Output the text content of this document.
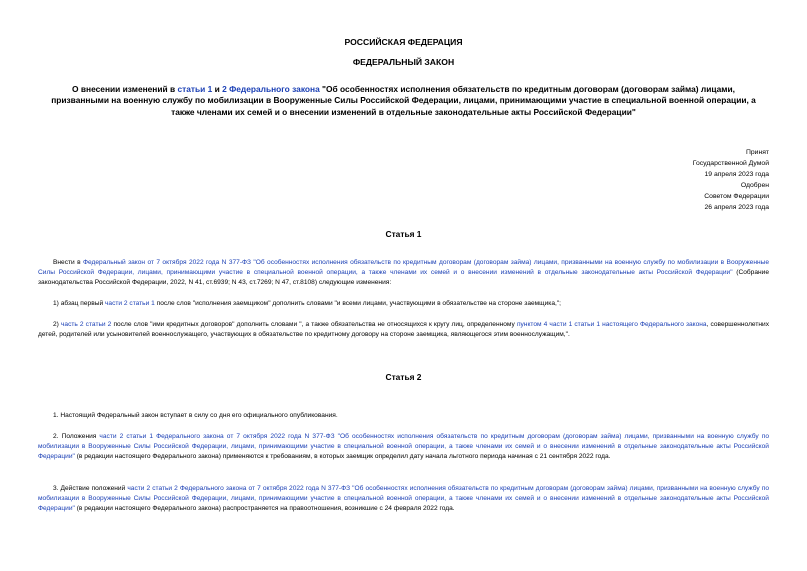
РОССИЙСКАЯ ФЕДЕРАЦИЯ
ФЕДЕРАЛЬНЫЙ ЗАКОН
О внесении изменений в статьи 1 и 2 Федерального закона "Об особенностях исполнения обязательств по кредитным договорам (договорам займа) лицами, призванными на военную службу по мобилизации в Вооруженные Силы Российской Федерации, лицами, принимающими участие в специальной военной операции, а также членами их семей и о внесении изменений в отдельные законодательные акты Российской Федерации"
Принят
Государственной Думой
19 апреля 2023 года
Одобрен
Советом Федерации
26 апреля 2023 года
Статья 1
Внести в Федеральный закон от 7 октября 2022 года N 377-ФЗ "Об особенностях исполнения обязательств по кредитным договорам (договорам займа) лицами, призванными на военную службу по мобилизации в Вооруженные Силы Российской Федерации, лицами, принимающими участие в специальной военной операции, а также членами их семей и о внесении изменений в отдельные законодательные акты Российской Федерации" (Собрание законодательства Российской Федерации, 2022, N 41, ст.6939; N 43, ст.7269; N 47, ст.8108) следующие изменения:
1) абзац первый части 2 статьи 1 после слов "исполнения заемщиком" дополнить словами "и всеми лицами, участвующими в обязательстве на стороне заемщика,";
2) часть 2 статьи 2 после слов "ими кредитных договоров" дополнить словами ", а также обязательства не относящихся к кругу лиц, определенному пунктом 4 части 1 статьи 1 настоящего Федерального закона, совершеннолетних детей, родителей или усыновителей военнослужащего, участвующих в обязательстве по кредитному договору на стороне заемщика, являющегося этим военнослужащим,".
Статья 2
1. Настоящий Федеральный закон вступает в силу со дня его официального опубликования.
2. Положения части 2 статьи 1 Федерального закона от 7 октября 2022 года N 377-ФЗ "Об особенностях исполнения обязательств по кредитным договорам (договорам займа) лицами, призванными на военную службу по мобилизации в Вооруженные Силы Российской Федерации, лицами, принимающими участие в специальной военной операции, а также членами их семей и о внесении изменений в отдельные законодательные акты Российской Федерации" (в редакции настоящего Федерального закона) применяются к требованиям, в которых заемщик определил дату начала льготного периода начиная с 21 сентября 2022 года.
3. Действие положений части 2 статьи 2 Федерального закона от 7 октября 2022 года N 377-ФЗ "Об особенностях исполнения обязательств по кредитным договорам (договорам займа) лицами, призванными на военную службу по мобилизации в Вооруженные Силы Российской Федерации, лицами, принимающими участие в специальной военной операции, а также членами их семей и о внесении изменений в отдельные законодательные акты Российской Федерации" (в редакции настоящего Федерального закона) распространяется на правоотношения, возникшие с 24 февраля 2022 года.
